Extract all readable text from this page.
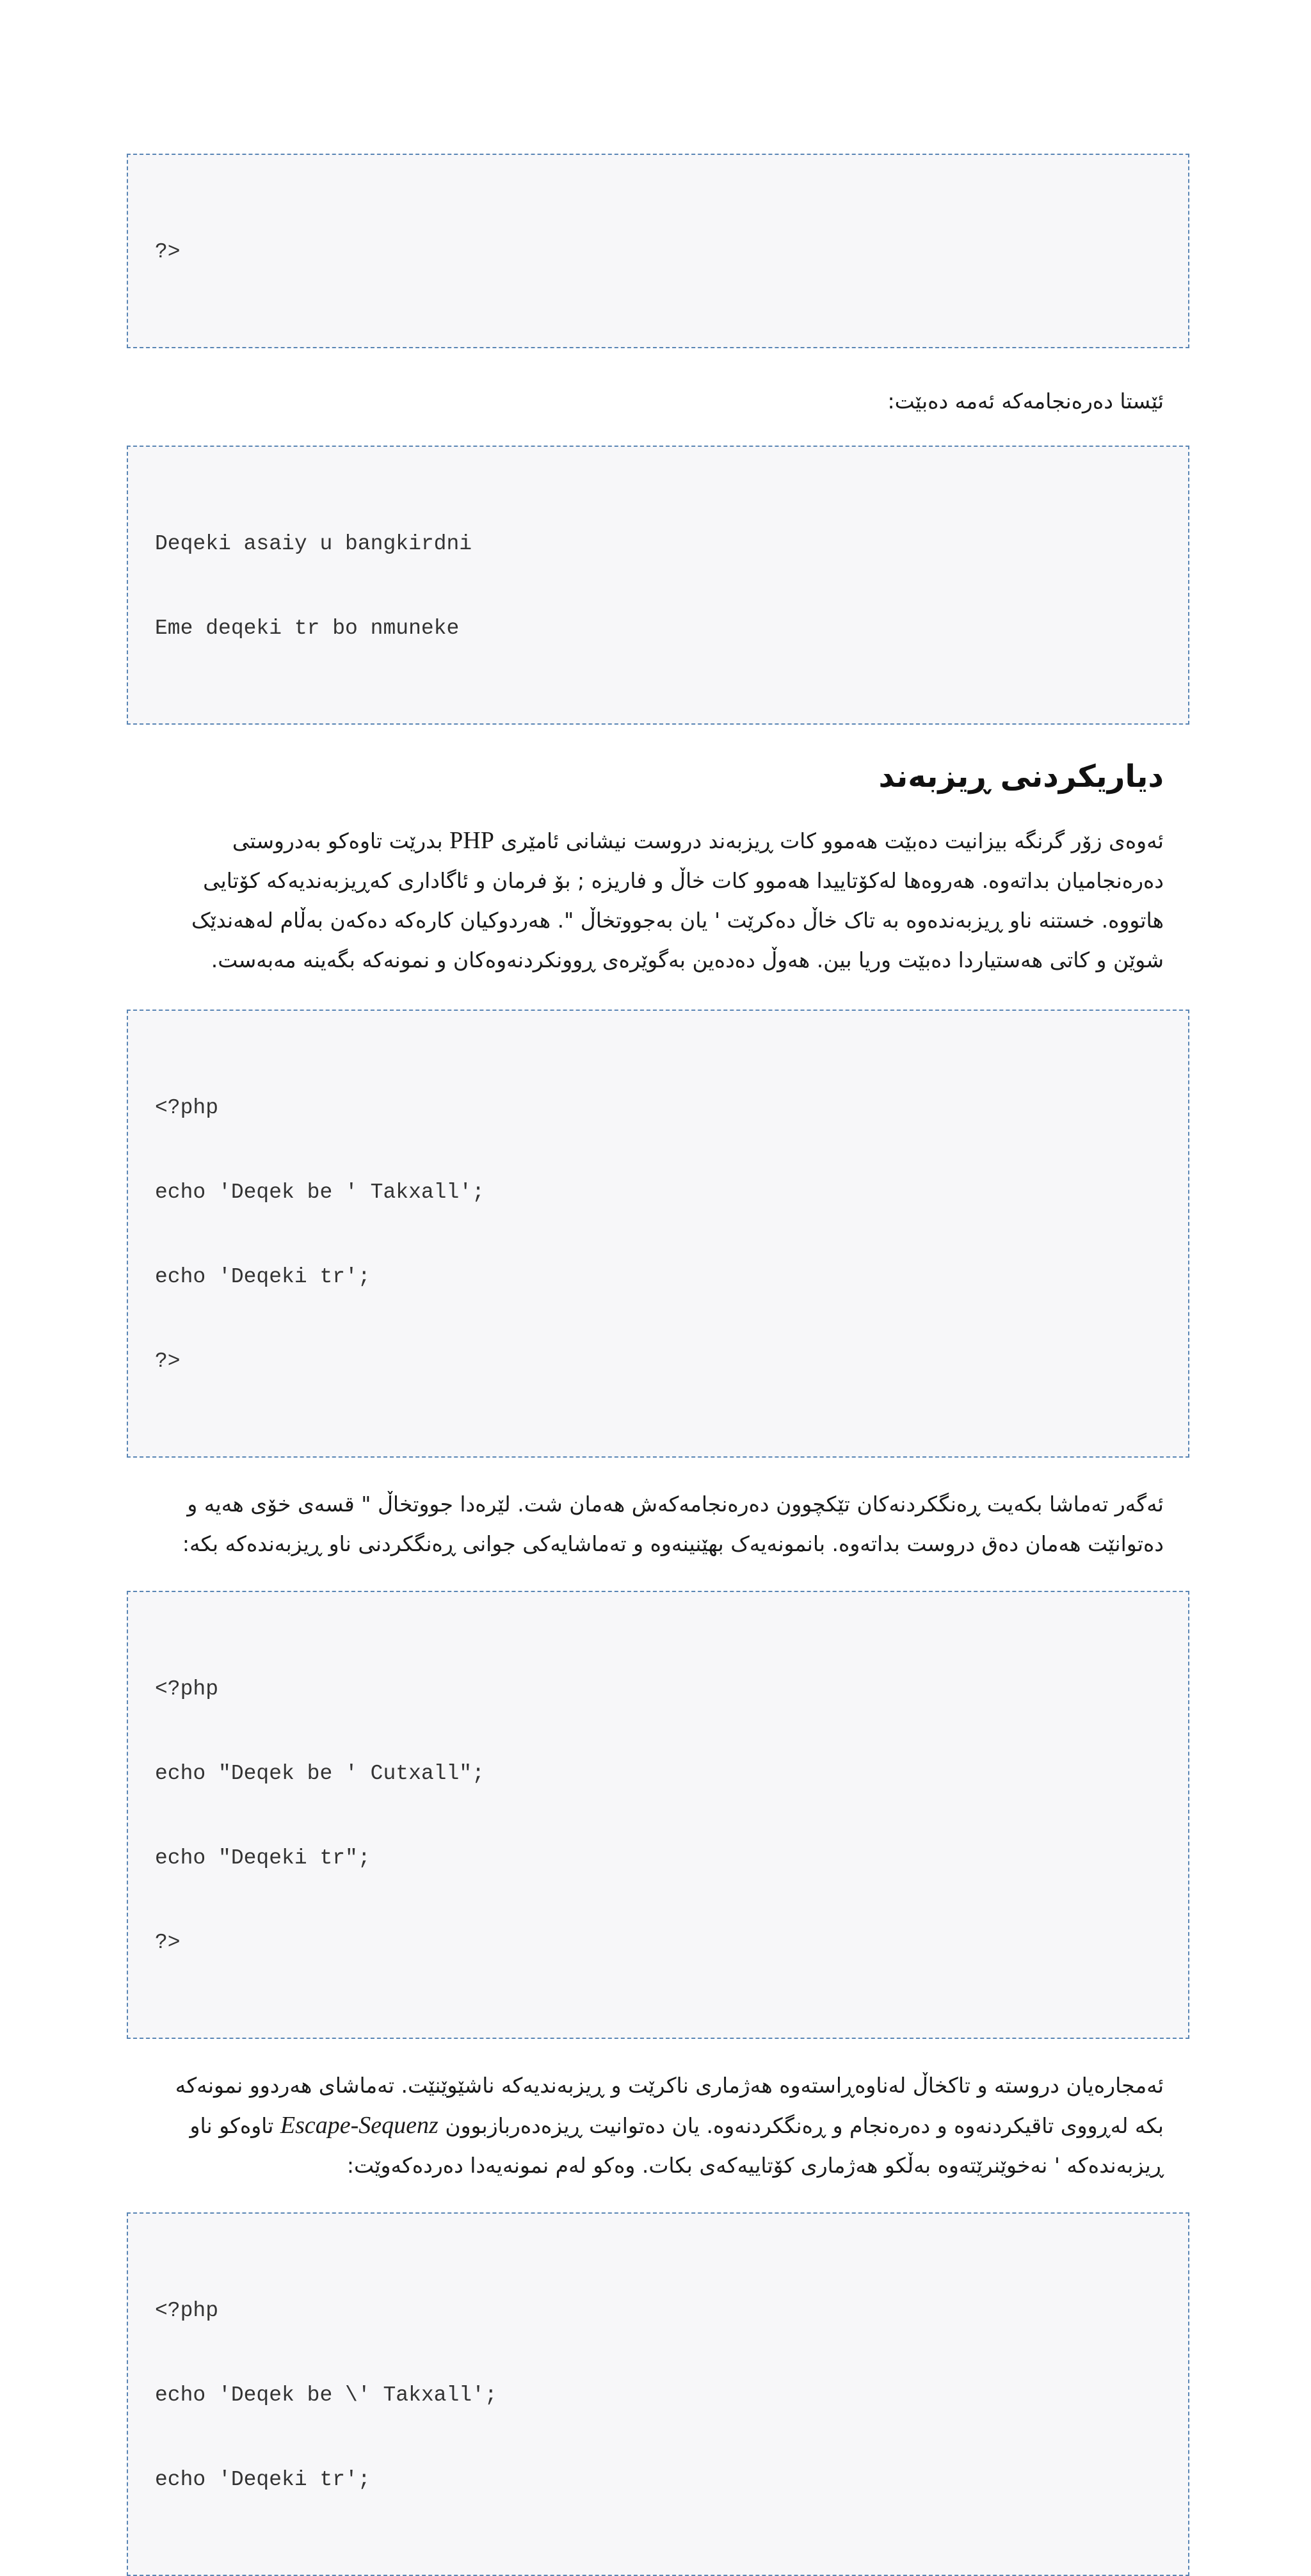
?>

ئێستا دەرەنجامەکە ئەمە دەبێت:

Deqeki asaiy u bangkirdni

Eme deqeki tr bo nmuneke

دیاریکردنی ڕیزبەند
ئەوەی زۆر گرنگە بیزانیت دەبێت هەموو کات ڕیزبەند دروست نیشانی ئامێری PHP بدرێت تاوەکو بەدروستی دەرەنجامیان بداتەوە. هەروەها لەکۆتاییدا هەموو کات خاڵ و فاریزە ; بۆ فرمان و ئاگاداری کەڕیزبەندیەکە کۆتایی هاتووە. خستنە ناو ڕیزبەندەوە بە تاک خاڵ دەکرێت ' یان بەجووتخاڵ ". هەردوکیان کارەکە دەکەن بەڵام لەهەندێک شوێن و کاتی هەستیاردا دەبێت وریا بین. هەوڵ دەدەین بەگوێرەی ڕوونکردنەوەکان و نمونەکە بگەینە مەبەست.

<?php

echo 'Deqek be ' Takxall';

echo 'Deqeki tr';

?>

ئەگەر تەماشا بکەیت ڕەنگکردنەکان تێکچوون دەرەنجامەکەش هەمان شت. لێرەدا جووتخاڵ " قسەی خۆی هەیە و دەتوانێت هەمان دەق دروست بداتەوە. بانمونەیەک بهێنینەوە و تەماشایەکی جوانی ڕەنگکردنی ناو ڕیزبەندەکە بکە:

<?php

echo "Deqek be ' Cutxall";

echo "Deqeki tr";

?>

ئەمجارەیان دروستە و تاکخاڵ لەناوەڕاستەوە هەژماری ناکرێت و ڕیزبەندیەکە ناشێوێنێت. تەماشای هەردوو نمونەکە بکە لەڕووی تاقیکردنەوە و دەرەنجام و ڕەنگکردنەوە. یان دەتوانیت ڕیزەدەربازبوون Escape-Sequenz تاوەکو ناو ڕیزبەندەکە ' نەخوێنرێتەوە بەڵکو هەژماری کۆتاییەکەی بکات. وەکو لەم نمونەیەدا دەردەکەوێت:

<?php

echo 'Deqek be \' Takxall';

echo 'Deqeki tr';
